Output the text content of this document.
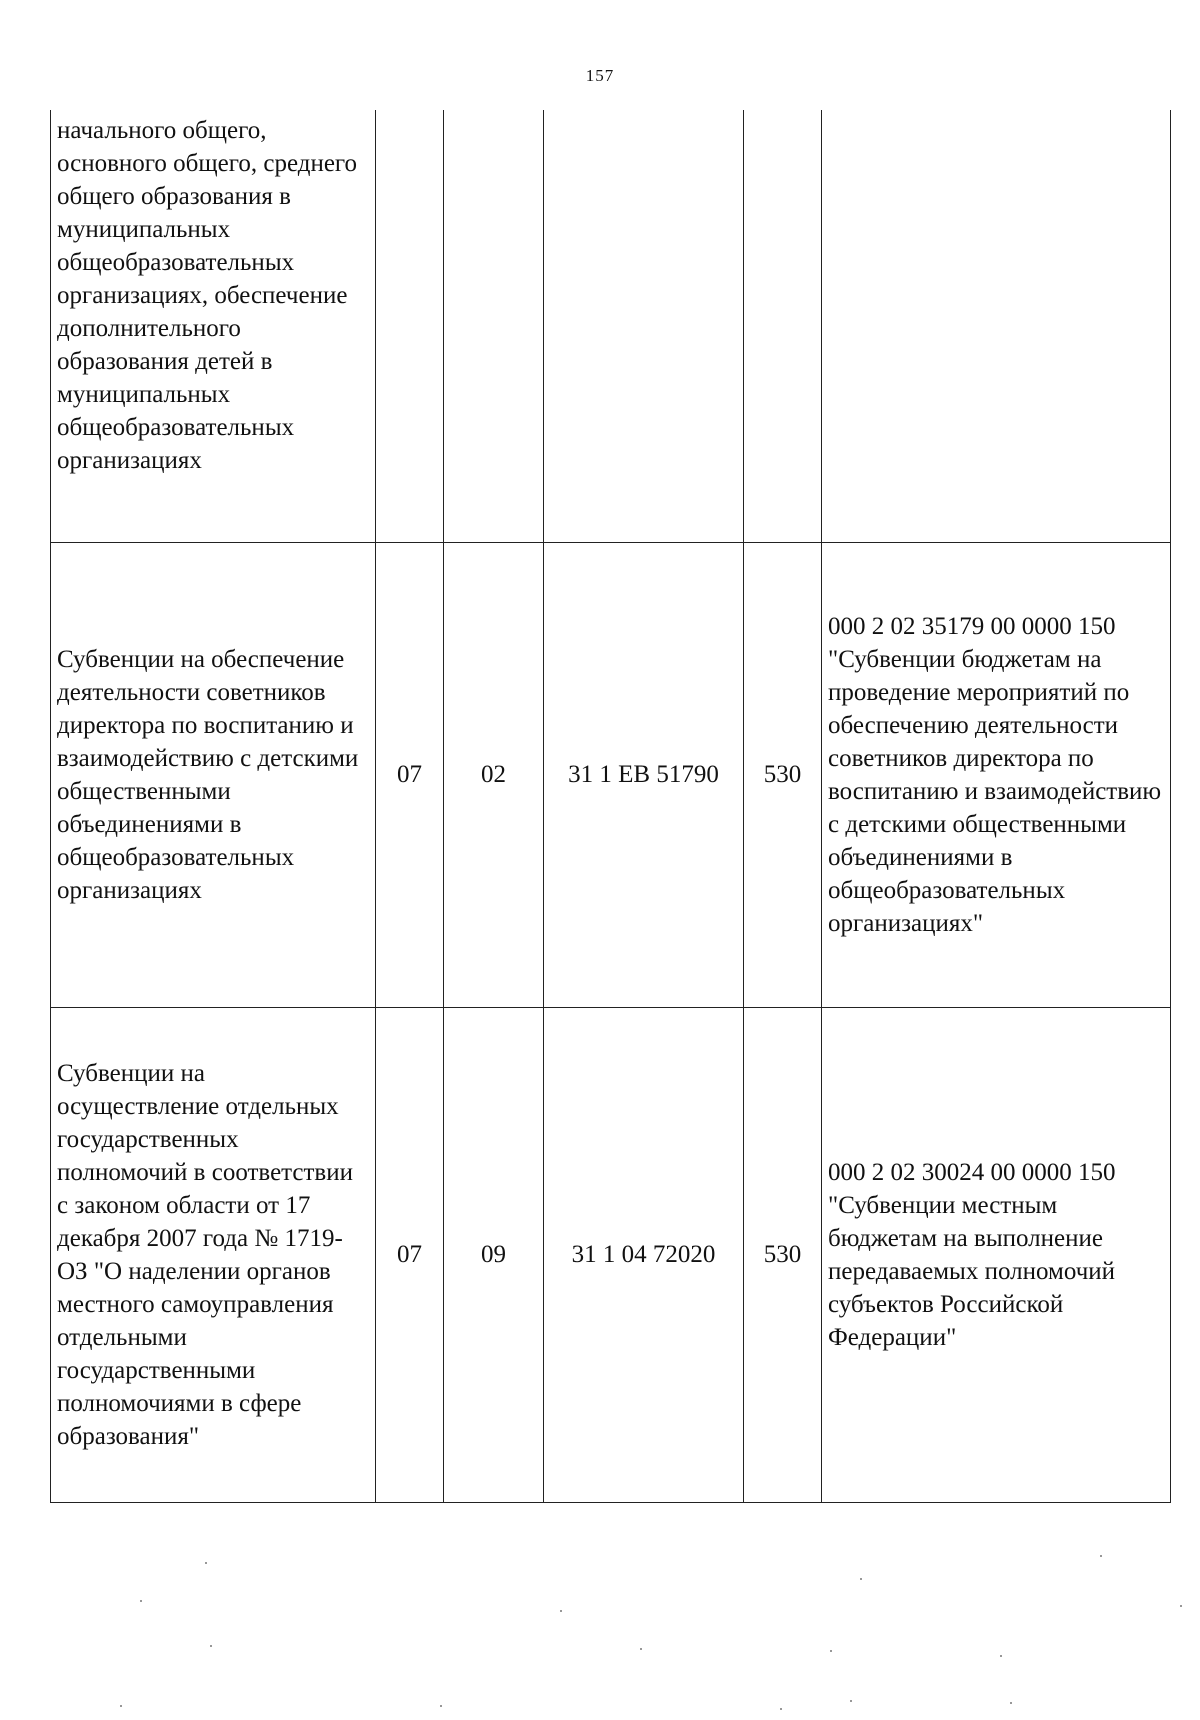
157
начального общего, основного общего, среднего общего образования в муниципальных общеобразовательных организациях, обеспечение дополнительного образования детей в муниципальных общеобразовательных организациях					

Субвенции на обеспечение деятельности советников директора по воспитанию и взаимодействию с детскими общественными объединениями в общеобразовательных организациях	07	02	31 1 ЕВ 51790	530	000 2 02 35179 00 0000 150 "Субвенции бюджетам на проведение мероприятий по обеспечению деятельности советников директора по воспитанию и взаимодействию с детскими общественными объединениями в общеобразовательных организациях"

Субвенции на осуществление отдельных государственных полномочий в соответствии с законом области от 17 декабря 2007 года № 1719-ОЗ "О наделении органов местного самоуправления отдельными государственными полномочиями в сфере образования"	07	09	31 1 04 72020	530	000 2 02 30024 00 0000 150 "Субвенции местным бюджетам на выполнение передаваемых полномочий субъектов Российской Федерации"
